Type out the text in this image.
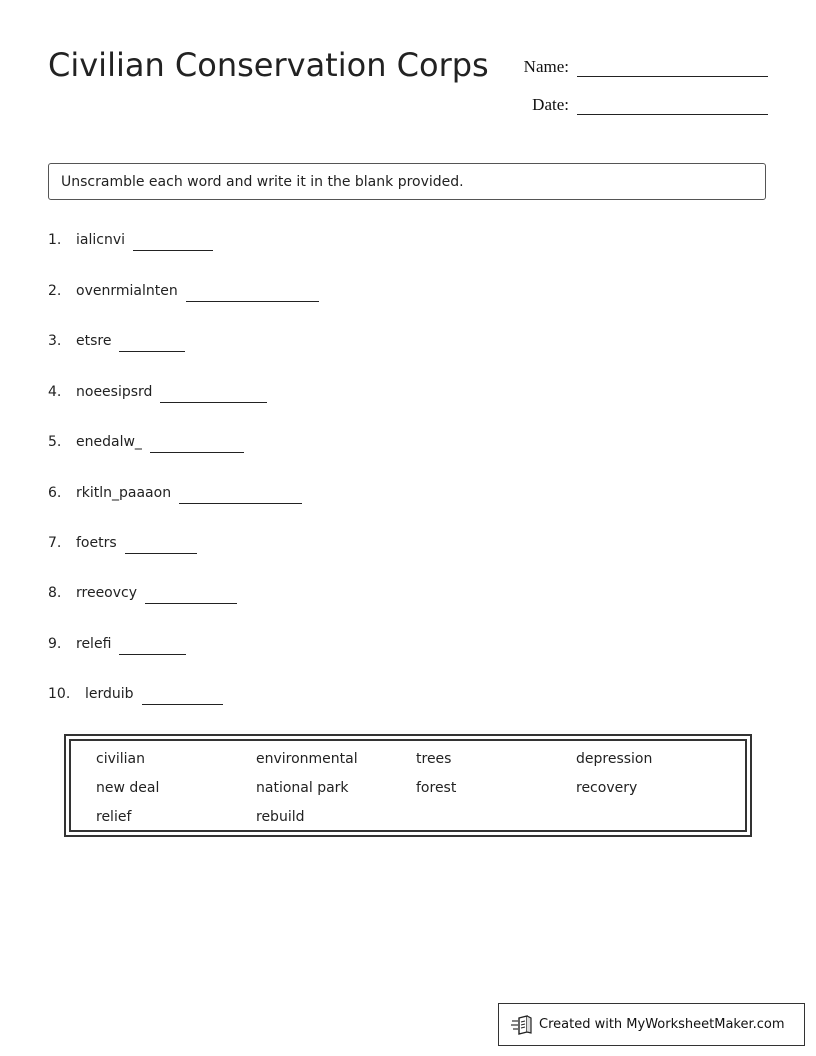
Civilian Conservation Corps Name:
Date:
Unscramble each word and write it in the blank provided.
1.	ialicnvi
2.	ovenrmialnten
3.	etsre
4.	noeesipsrd
5.	enedalw_
6.	rkitln_paaaon
7.	foetrs
8.	rreeovcy
9.	relefi
10.	lerduib
civilian	environmental	trees	depression
new deal	national park	forest	recovery
relief	rebuild
Created with MyWorksheetMaker.com
